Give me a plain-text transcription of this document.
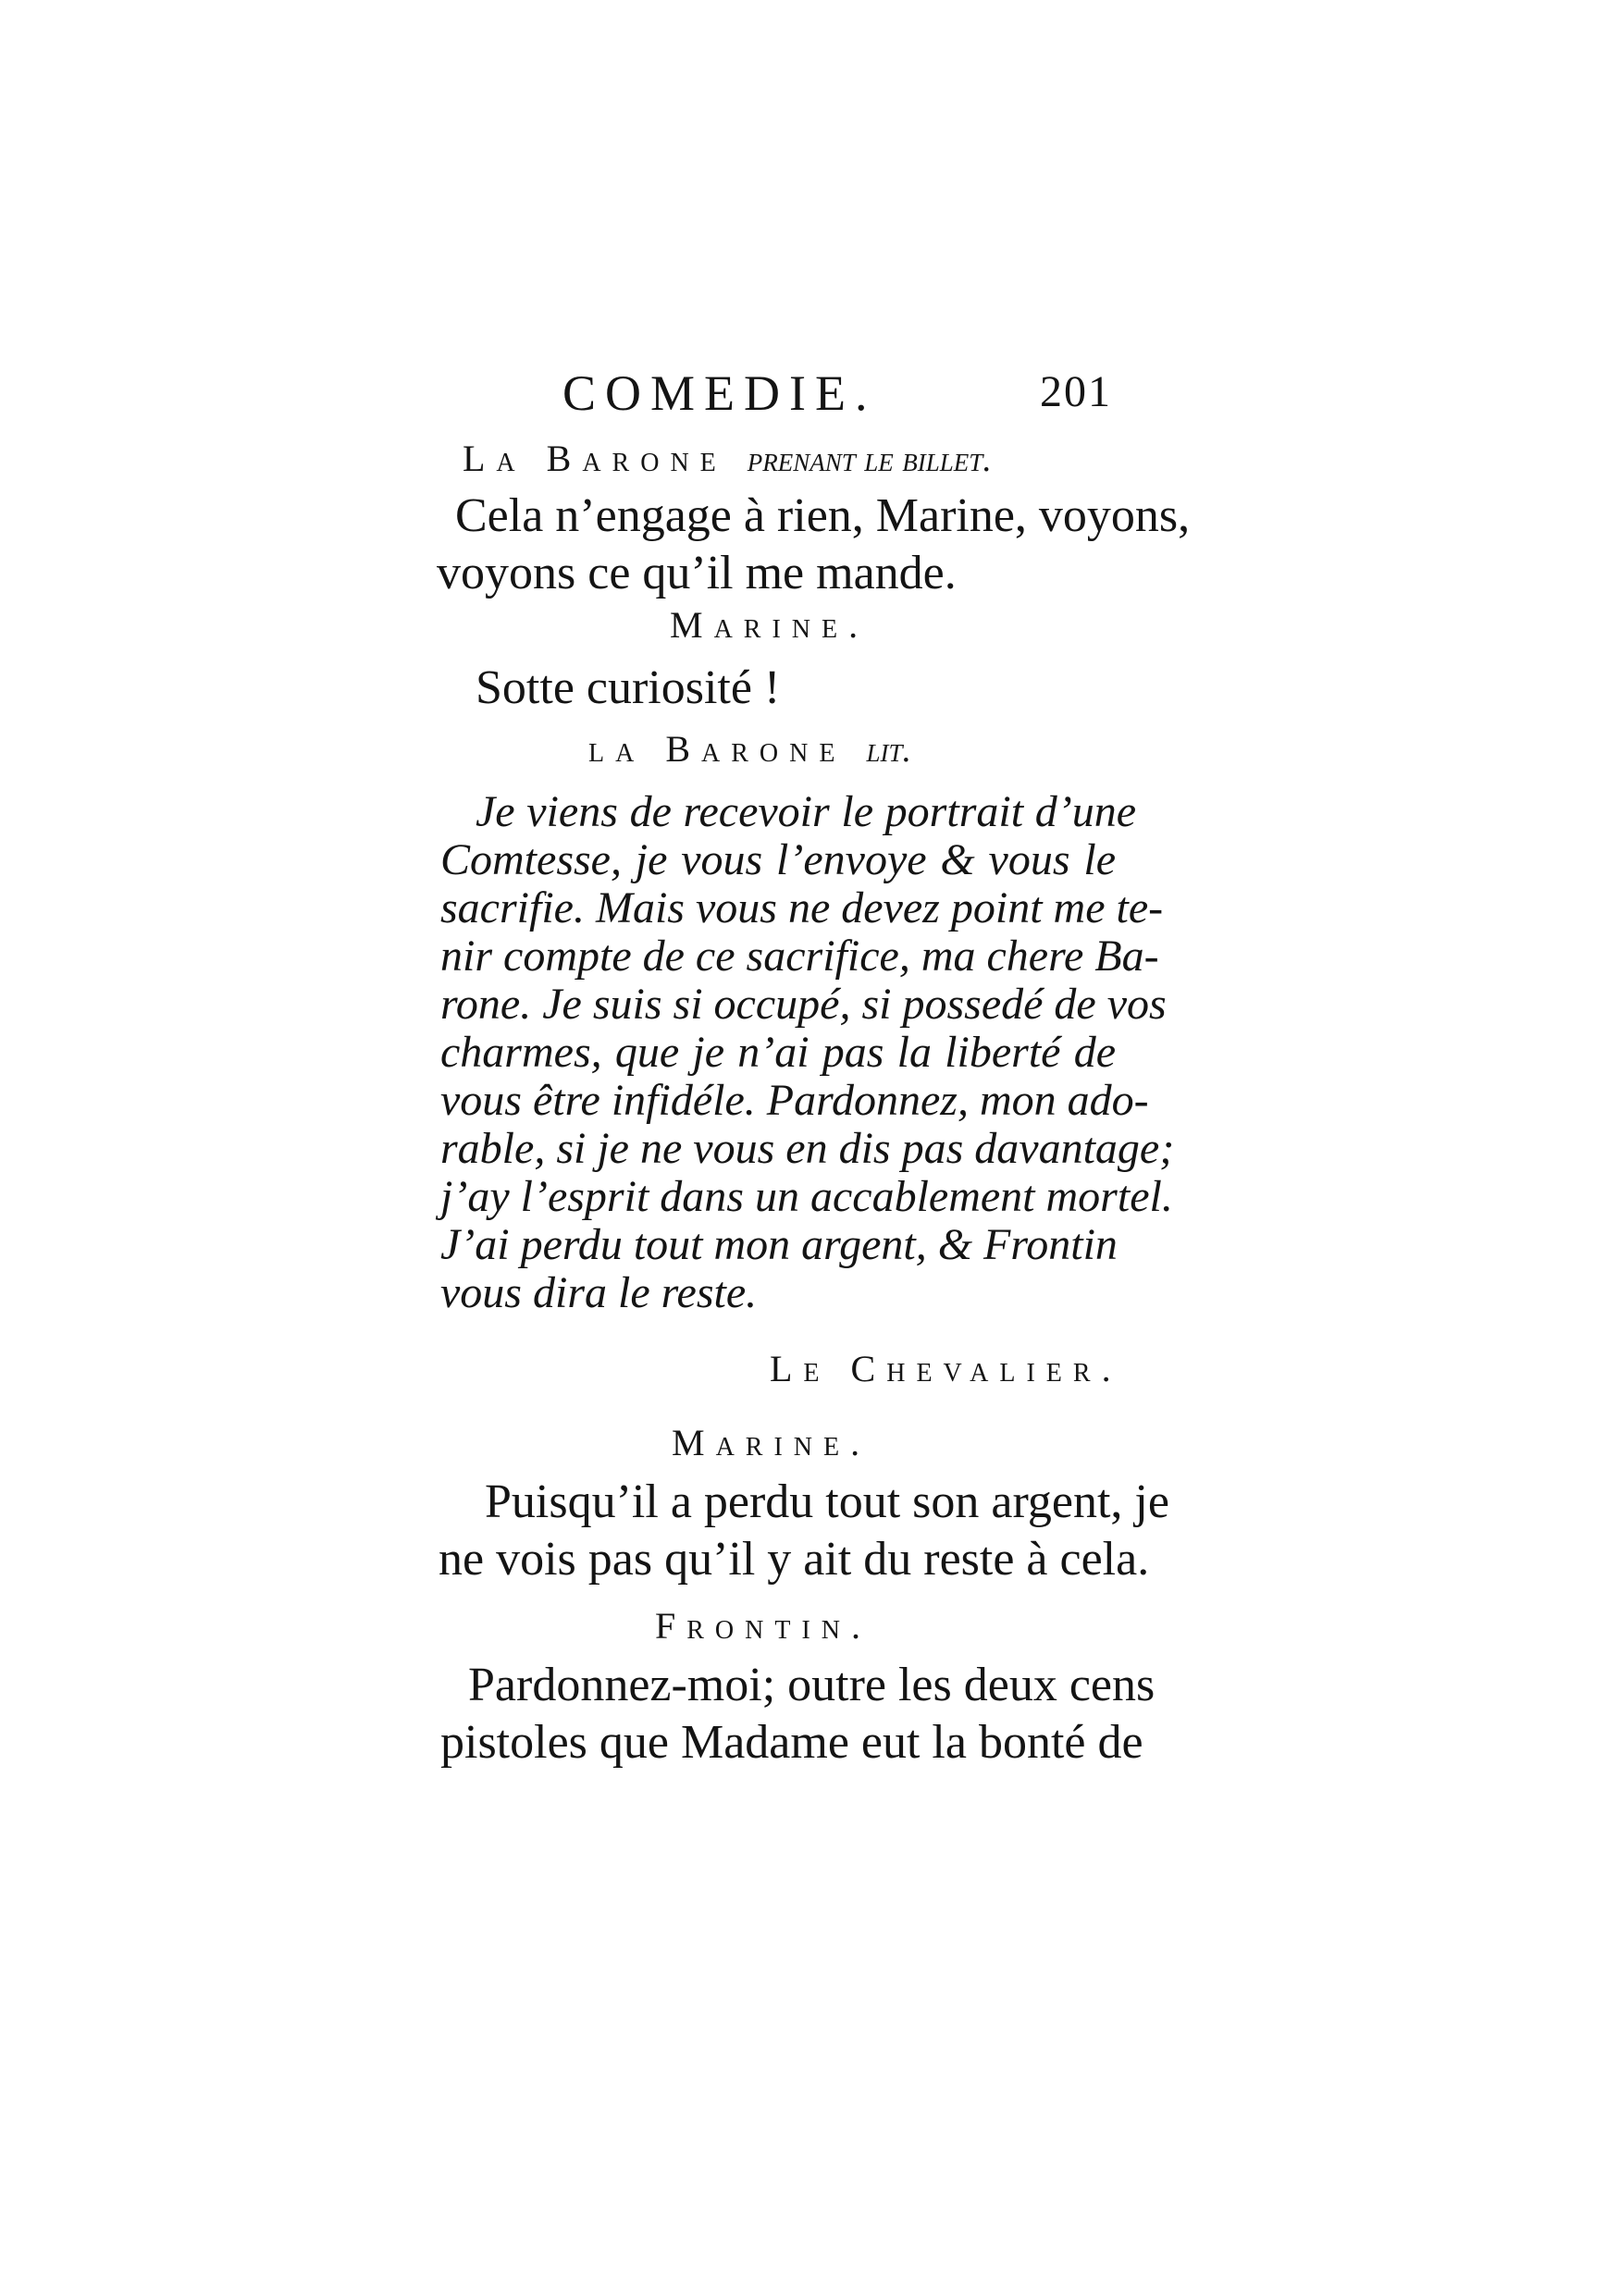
COMEDIE.	201
La Barone prenant le billet.
Cela n’engage à rien, Marine, voyons,
voyons ce qu’il me mande.
Marine.
Sotte curiosité !
la Barone lit.
Je viens de recevoir le portrait d’une
Comtesse, je vous l’envoye & vous le
sacrifie. Mais vous ne devez point me te-
nir compte de ce sacrifice, ma chere Ba-
rone. Je suis si occupé, si possedé de vos
charmes, que je n’ai pas la liberté de
vous être infidéle. Pardonnez, mon ado-
rable, si je ne vous en dis pas davantage;
j’ay l’esprit dans un accablement mortel.
J’ai perdu tout mon argent, & Frontin
vous dira le reste.
Le Chevalier.
Marine.
Puisqu’il a perdu tout son argent, je
ne vois pas qu’il y ait du reste à cela.
Frontin.
Pardonnez-moi; outre les deux cens
pistoles que Madame eut la bonté de
